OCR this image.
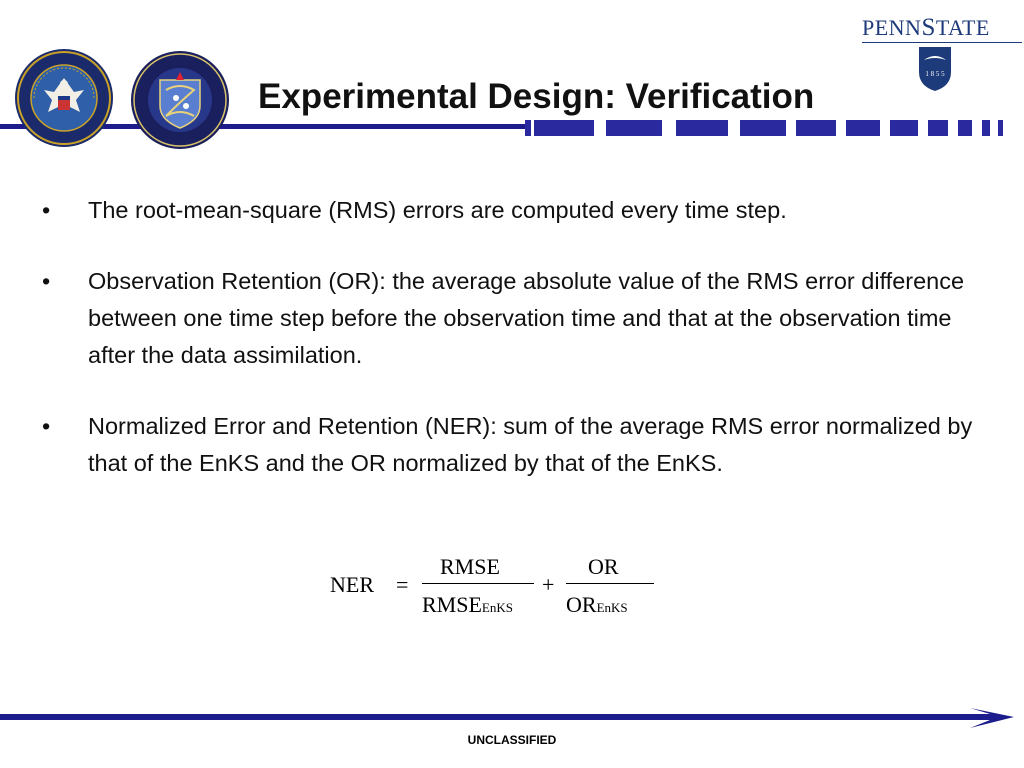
Experimental Design: Verification
PENNSTATE
1 8 5 5
•	The root-mean-square (RMS) errors are computed every time step.
•	Observation Retention (OR): the average absolute value of the RMS error difference between one time step before the observation time and that at the observation time after the data assimilation.
•	Normalized Error and Retention (NER): sum of the average RMS error normalized by that of the EnKS and the OR normalized by that of the EnKS.
NER =
RMSE
RMSEEnKS
+
OR
OREnKS
UNCLASSIFIED
